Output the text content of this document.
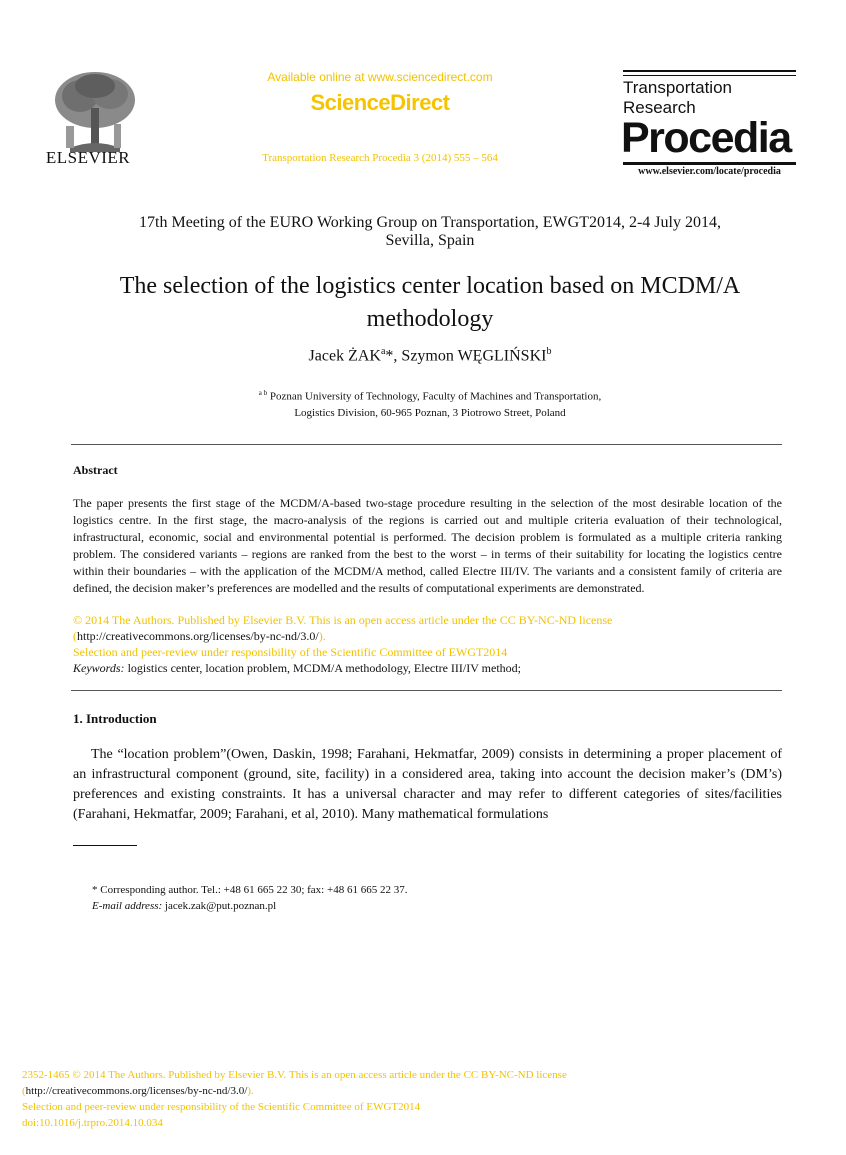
ELSEVIER
Available online at www.sciencedirect.com
ScienceDirect
Transportation Research Procedia 3 (2014) 555 – 564
Transportation
Research
Procedia
www.elsevier.com/locate/procedia
17th Meeting of the EURO Working Group on Transportation, EWGT2014, 2-4 July 2014,
Sevilla, Spain
The selection of the logistics center location based on MCDM/A
methodology
Jacek ŻAK$^a$*, Szymon WĘGLIŃSKI$^b$
$^{a b}$ Poznan University of Technology, Faculty of Machines and Transportation,
Logistics Division, 60-965 Poznan, 3 Piotrowo Street, Poland
Abstract
The paper presents the first stage of the MCDM/A-based two-stage procedure resulting in the selection of the most desirable location of the logistics centre. In the first stage, the macro-analysis of the regions is carried out and multiple criteria evaluation of their technological, infrastructural, economic, social and environmental potential is performed. The decision problem is formulated as a multiple criteria ranking problem. The considered variants – regions are ranked from the best to the worst – in terms of their suitability for locating the logistics centre within their boundaries – with the application of the MCDM/A method, called Electre III/IV. The variants and a consistent family of criteria are defined, the decision maker’s preferences are modelled and the results of computational experiments are demonstrated.
© 2014 The Authors. Published by Elsevier B.V. This is an open access article under the CC BY-NC-ND license
(http://creativecommons.org/licenses/by-nc-nd/3.0/).
Selection and peer-review under responsibility of the Scientific Committee of EWGT2014
Keywords: logistics center, location problem, MCDM/A methodology, Electre III/IV method;
1. Introduction
The “location problem”(Owen, Daskin, 1998; Farahani, Hekmatfar, 2009) consists in determining a proper placement of an infrastructural component (ground, site, facility) in a considered area, taking into account the decision maker’s (DM’s) preferences and existing constraints. It has a universal character and may refer to different categories of sites/facilities (Farahani, Hekmatfar, 2009; Farahani, et al, 2010). Many mathematical formulations
* Corresponding author. Tel.: +48 61 665 22 30; fax: +48 61 665 22 37.
E-mail address: jacek.zak@put.poznan.pl
2352-1465 © 2014 The Authors. Published by Elsevier B.V. This is an open access article under the CC BY-NC-ND license
(http://creativecommons.org/licenses/by-nc-nd/3.0/).
Selection and peer-review under responsibility of the Scientific Committee of EWGT2014
doi:10.1016/j.trpro.2014.10.034
